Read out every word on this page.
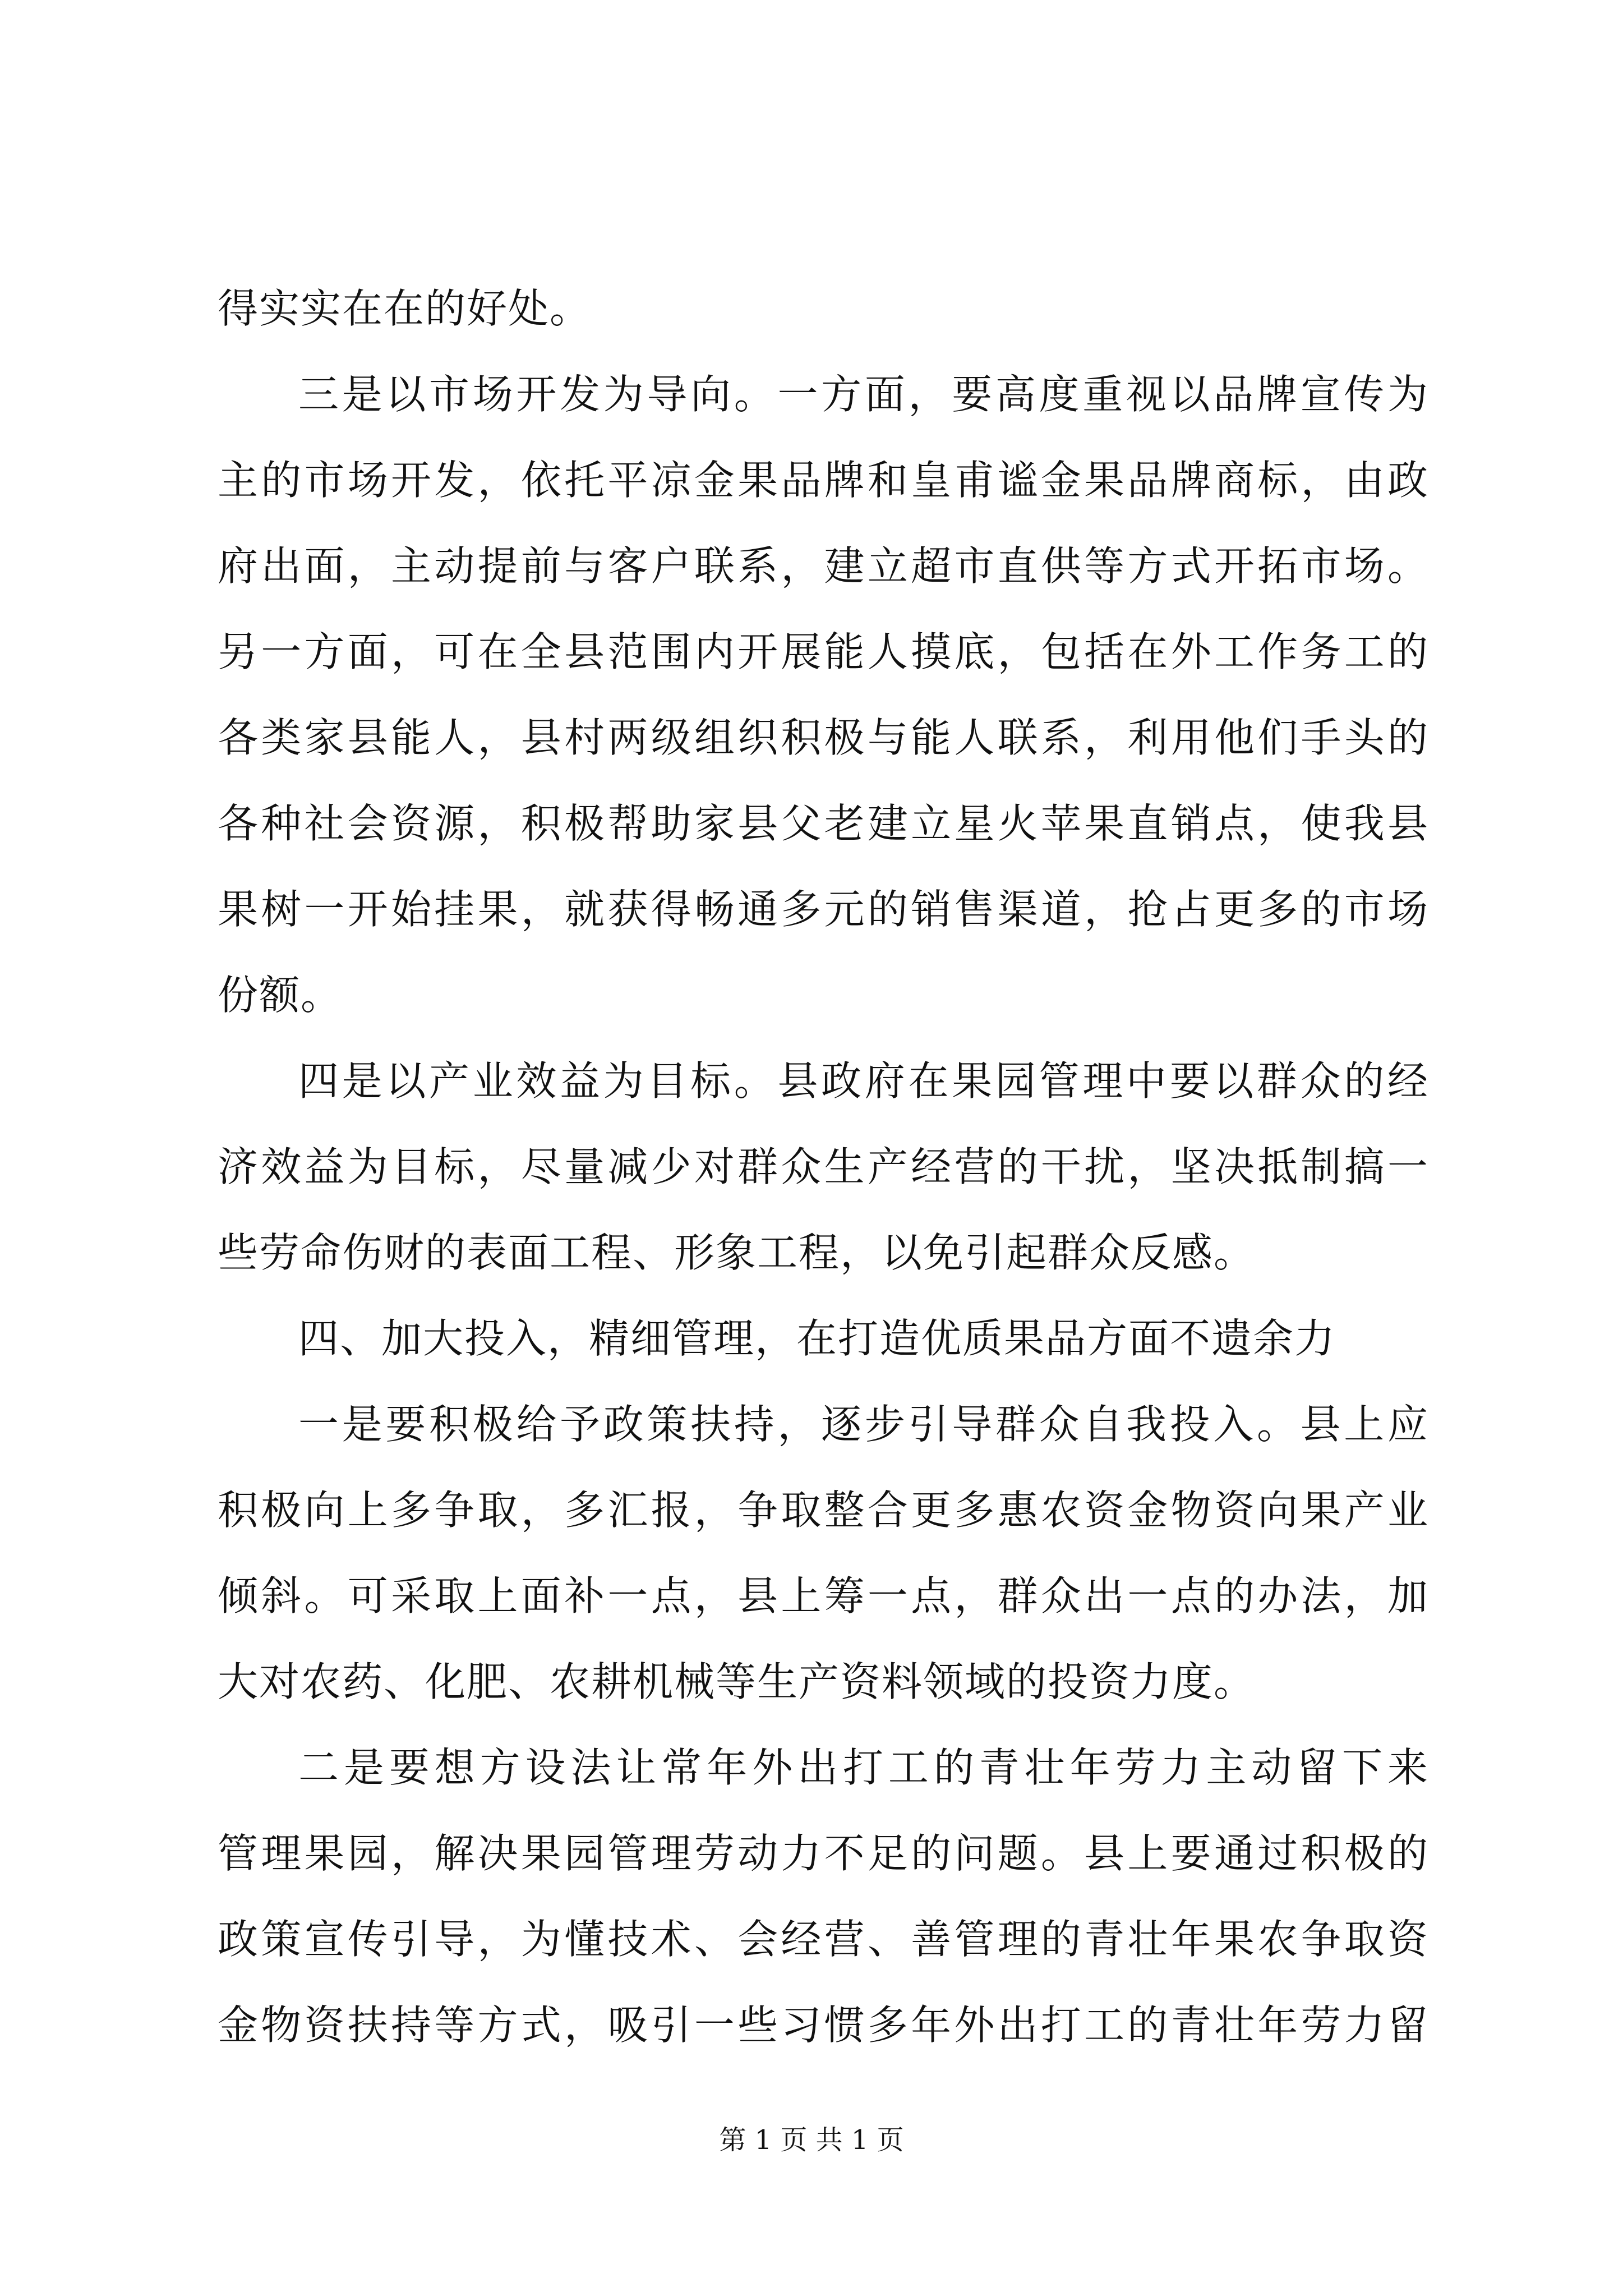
得实实在在的好处。
三是以市场开发为导向。一方面，要高度重视以品牌宣传为
主的市场开发，依托平凉金果品牌和皇甫谧金果品牌商标，由政
府出面，主动提前与客户联系，建立超市直供等方式开拓市场。
另一方面，可在全县范围内开展能人摸底，包括在外工作务工的
各类家县能人，县村两级组织积极与能人联系，利用他们手头的
各种社会资源，积极帮助家县父老建立星火苹果直销点，使我县
果树一开始挂果，就获得畅通多元的销售渠道，抢占更多的市场
份额。
四是以产业效益为目标。县政府在果园管理中要以群众的经
济效益为目标，尽量减少对群众生产经营的干扰，坚决抵制搞一
些劳命伤财的表面工程、形象工程，以免引起群众反感。
四、加大投入，精细管理，在打造优质果品方面不遗余力
一是要积极给予政策扶持，逐步引导群众自我投入。县上应
积极向上多争取，多汇报，争取整合更多惠农资金物资向果产业
倾斜。可采取上面补一点，县上筹一点，群众出一点的办法，加
大对农药、化肥、农耕机械等生产资料领域的投资力度。
二是要想方设法让常年外出打工的青壮年劳力主动留下来
管理果园，解决果园管理劳动力不足的问题。县上要通过积极的
政策宣传引导，为懂技术、会经营、善管理的青壮年果农争取资
金物资扶持等方式，吸引一些习惯多年外出打工的青壮年劳力留
第 1 页 共 1 页
